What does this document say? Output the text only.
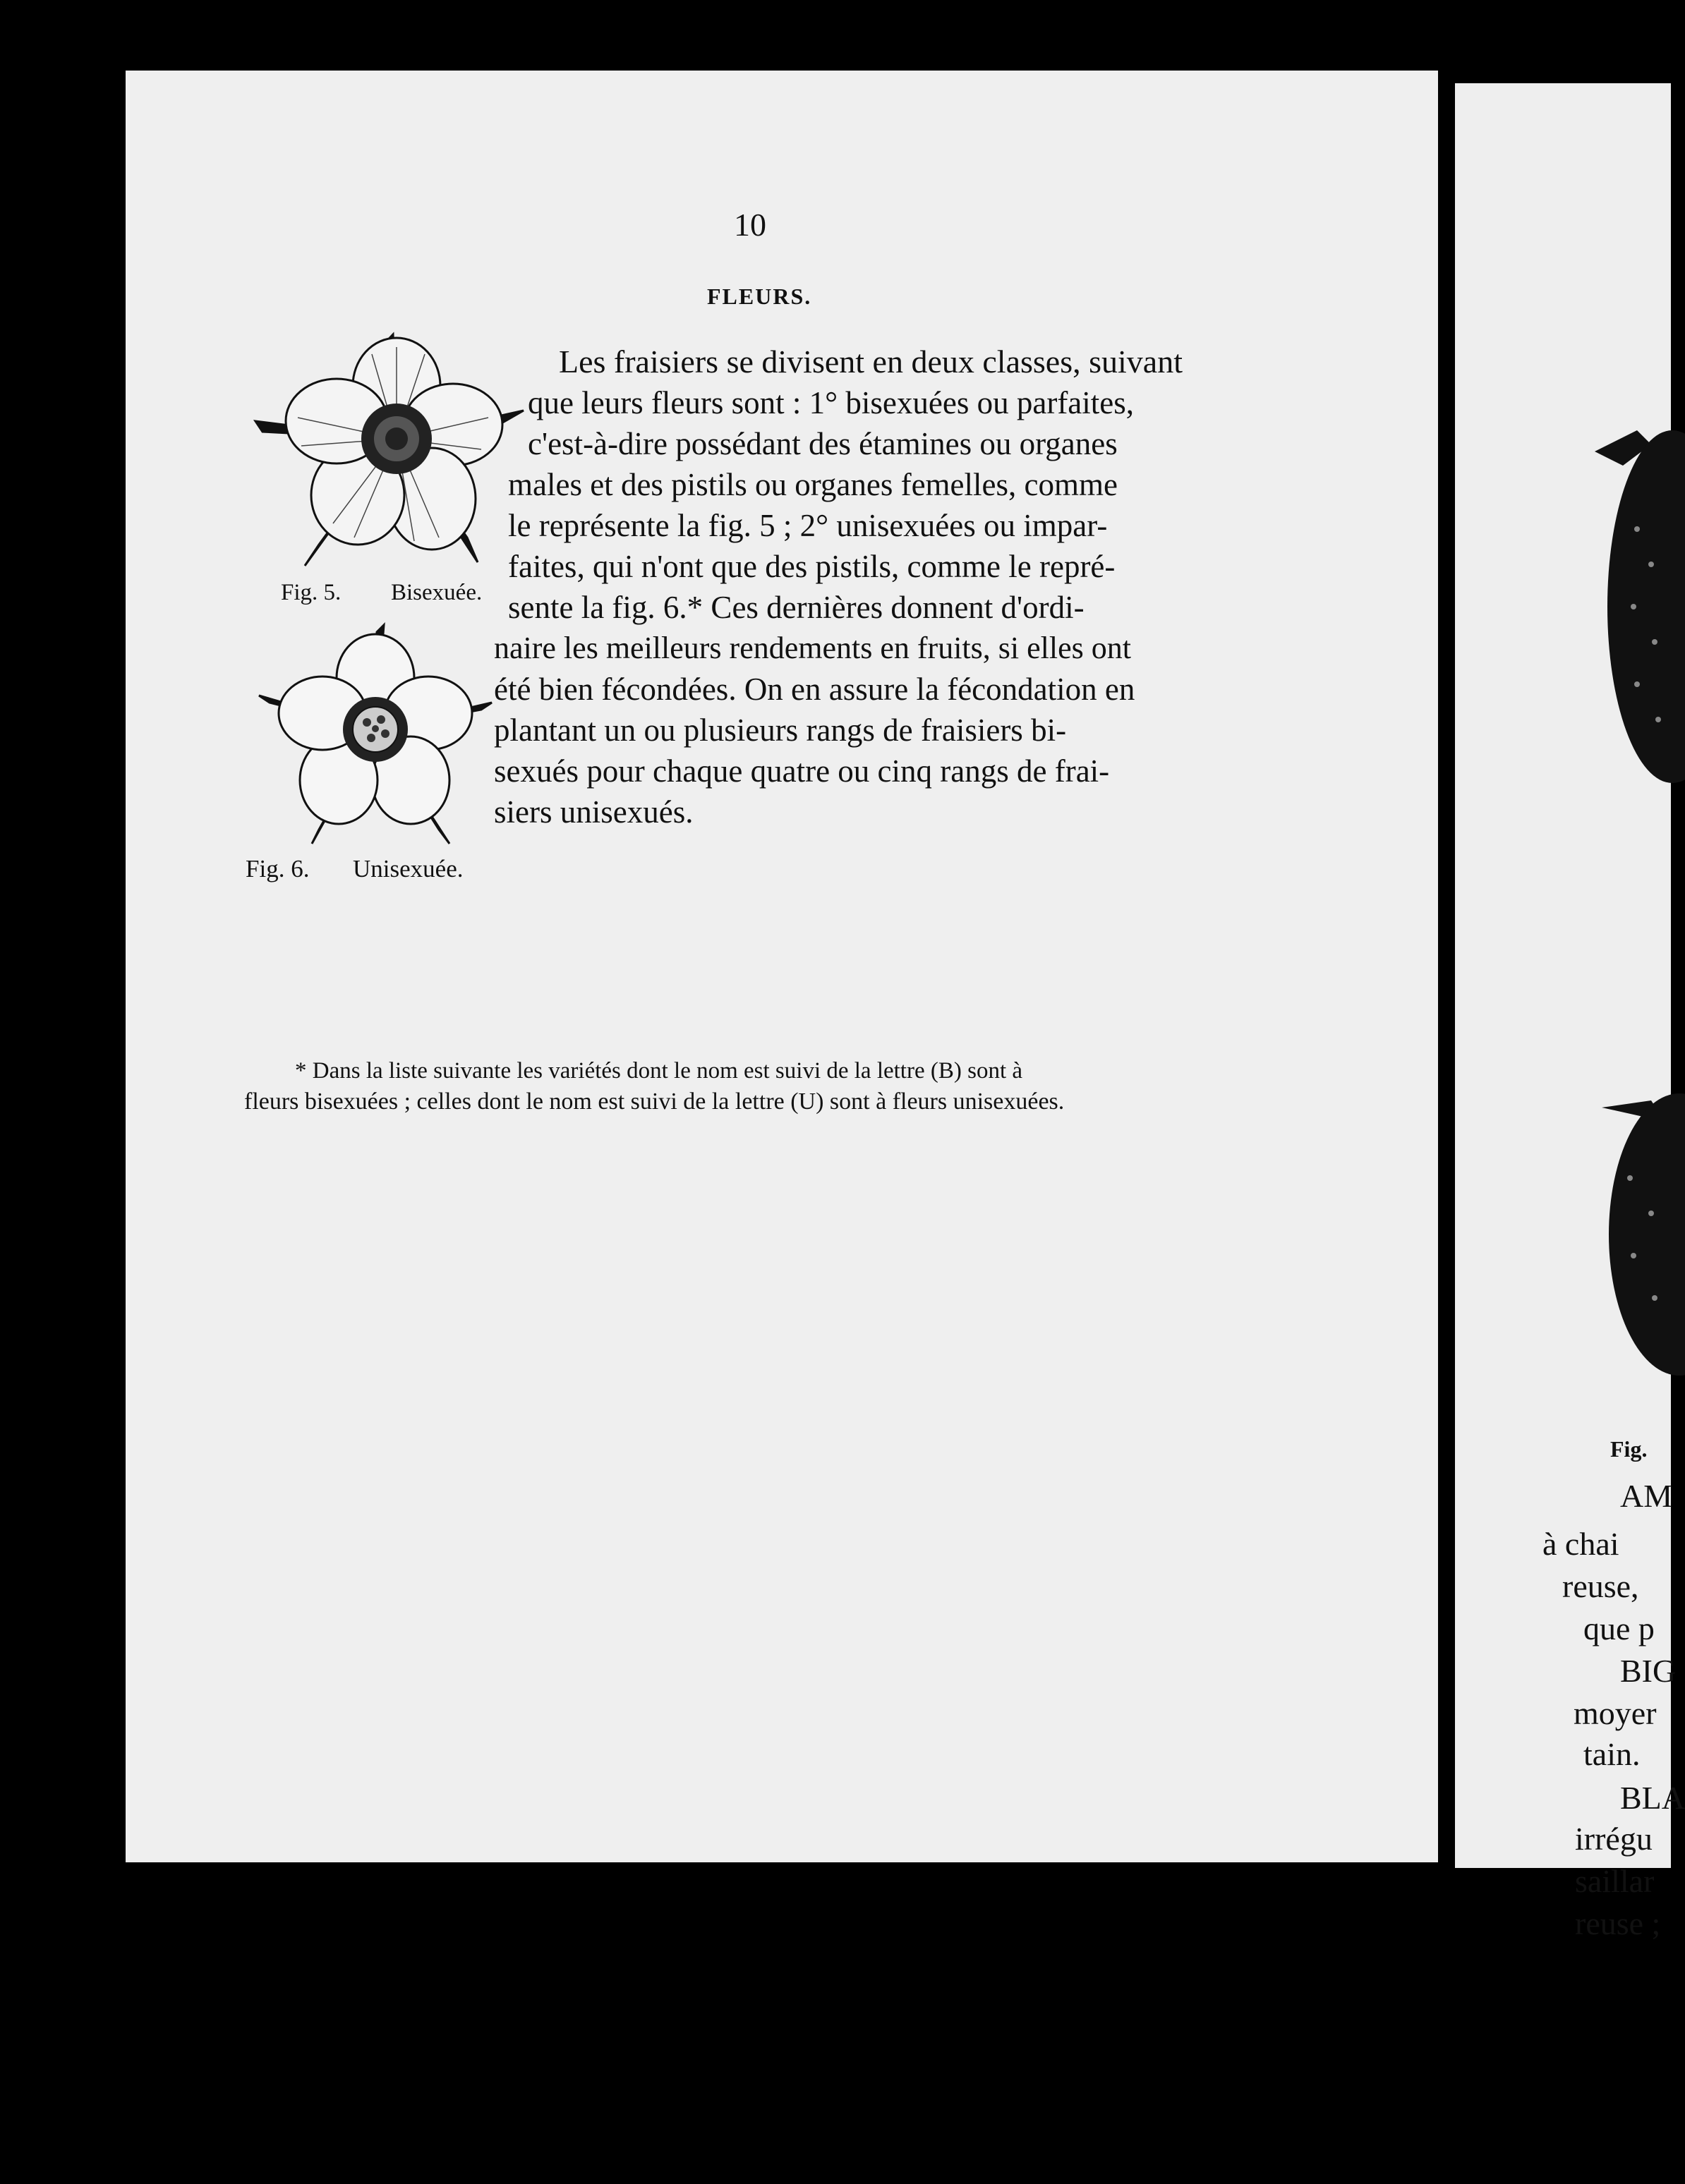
10
FLEURS.
Fig. 5. Bisexuée.
Fig. 6. Unisexuée.
Les fraisiers se divisent en deux classes, suivant
que leurs fleurs sont : 1° bisexuées ou parfaites,
c'est-à-dire possédant des étamines ou organes
males et des pistils ou organes femelles, comme
le représente la fig. 5 ; 2° unisexuées ou impar-
faites, qui n'ont que des pistils, comme le repré-
sente la fig. 6.* Ces dernières donnent d'ordi-
naire les meilleurs rendements en fruits, si elles ont
été bien fécondées. On en assure la fécondation en
plantant un ou plusieurs rangs de fraisiers bi-
sexués pour chaque quatre ou cinq rangs de frai-
siers unisexués.
* Dans la liste suivante les variétés dont le nom est suivi de la lettre (B) sont à
fleurs bisexuées ; celles dont le nom est suivi de la lettre (U) sont à fleurs unisexuées.
Fig.
AM
à chai
reuse,
que p
BIG
moyer
tain.
BLA
irrégu
saillar
reuse ;
